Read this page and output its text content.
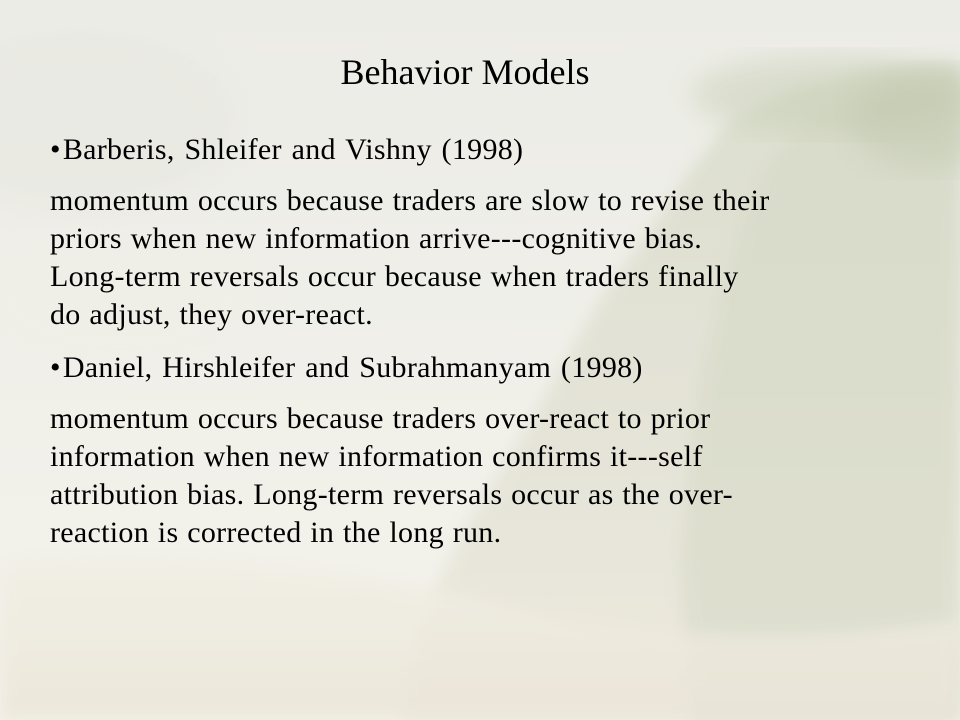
Behavior Models

•Barberis, Shleifer and Vishny (1998)

momentum occurs because traders are slow to revise their

priors when new information arrive---cognitive bias.

Long-term reversals occur because when traders finally

do adjust, they over-react.

•Daniel, Hirshleifer and Subrahmanyam (1998)

momentum occurs because traders over-react to prior

information when new information confirms it---self

attribution bias. Long-term reversals occur as the over-

reaction is corrected in the long run.
